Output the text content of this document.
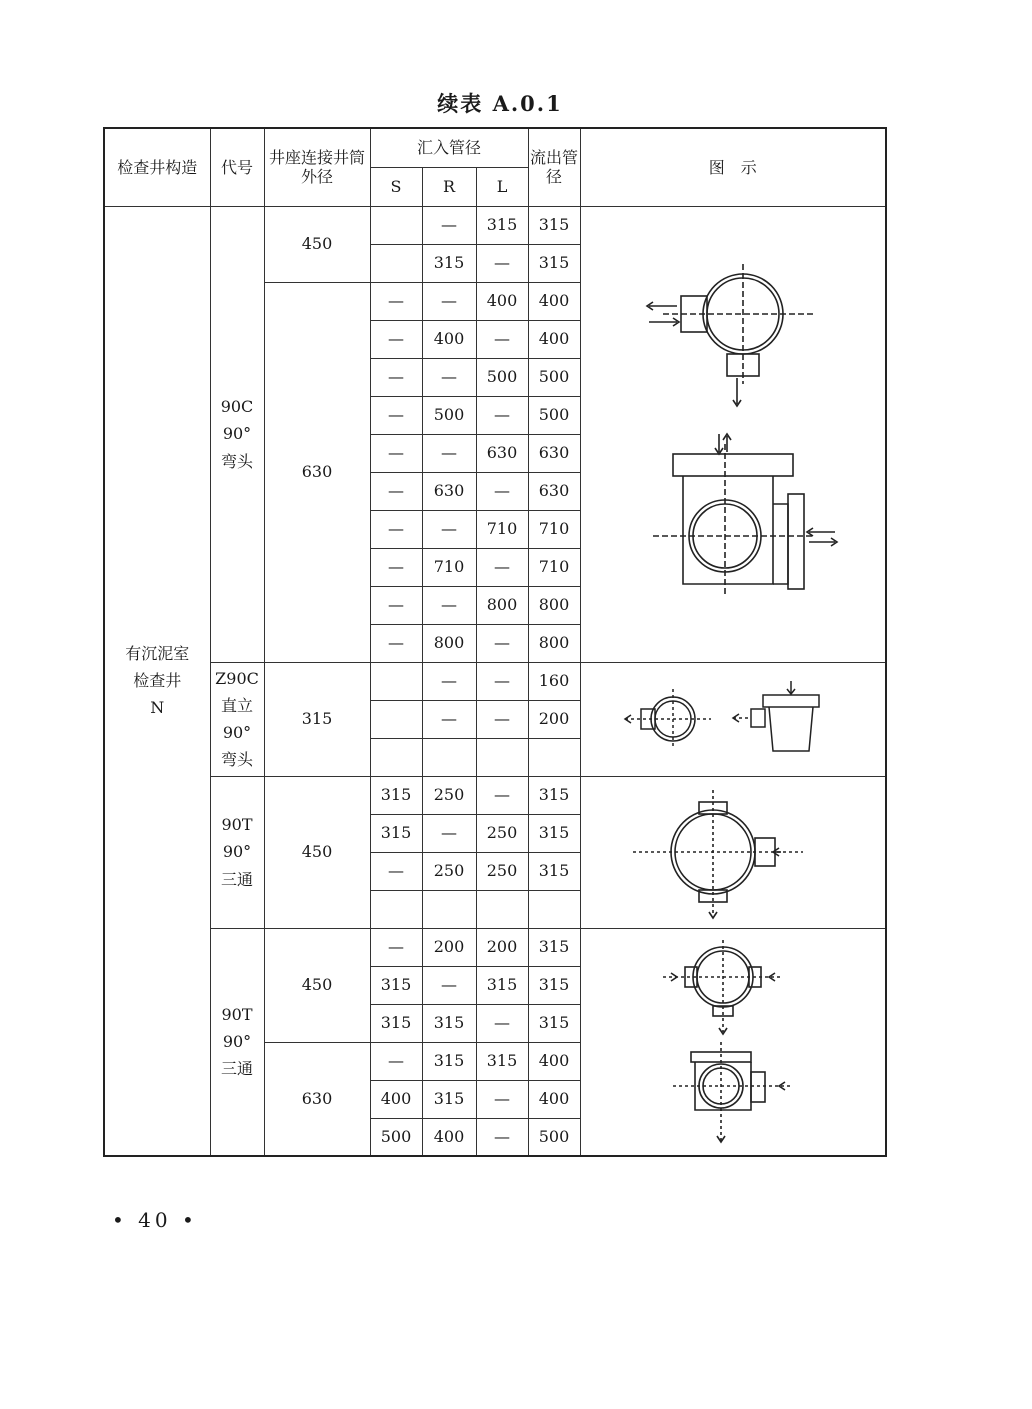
续表 A.0.1
检查井构造	代号	井座连接井筒外径	汇入管径			流出管径	图　示
			S	R	L		

有沉泥室
检查井
N	90C
90°
弯头	450		—	315	315	

				315	—	315	
		630	—	—	400	400	
			—	400	—	400	
			—	—	500	500	
			—	500	—	500	
			—	—	630	630	
			—	630	—	630	
			—	—	710	710	
			—	710	—	710	
			—	—	800	800	
			—	800	—	800	

	Z90C
直立
90°
弯头	315		—	—	160	

				—	—	200	

	90T
90°
三通	450	315	250	—	315	

			315	—	250	315	
			—	250	250	315	

	90T
90°
三通	450	—	200	200	315	

			315	—	315	315	
			315	315	—	315	
		630	—	315	315	400	
			400	315	—	400	
			500	400	—	500	
• 40 •
